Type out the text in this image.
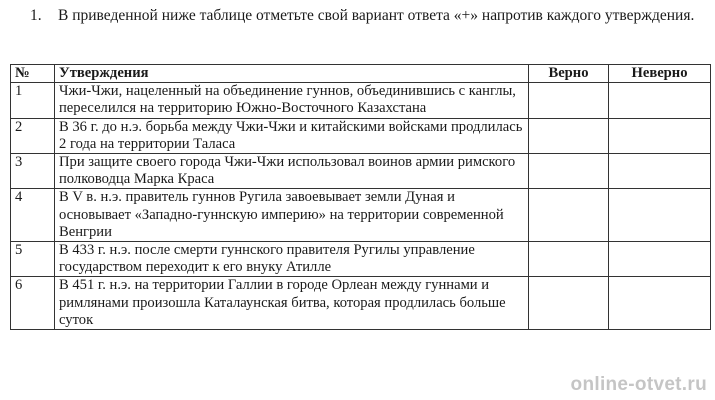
1. В приведенной ниже таблице отметьте свой вариант ответа «+» напротив каждого утверждения.
№	Утверждения	Верно	Неверно
1	Чжи-Чжи, нацеленный на объединение гуннов, объединившись с канглы, переселился на территорию Южно-Восточного Казахстана		
2	В 36 г. до н.э. борьба между Чжи-Чжи и китайскими войсками продлилась 2 года на территории Таласа		
3	При защите своего города Чжи-Чжи использовал воинов армии римского полководца Марка Краса		
4	В V в. н.э. правитель гуннов Ругила завоевывает земли Дуная и основывает «Западно-гуннскую империю» на территории современной Венгрии		
5	В 433 г. н.э. после смерти гуннского правителя Ругилы управление государством переходит к его внуку Атилле		
6	В 451 г. н.э. на территории Галлии в городе Орлеан между гуннами и римлянами произошла Каталаунская битва, которая продлилась больше суток		
online-otvet.ru
